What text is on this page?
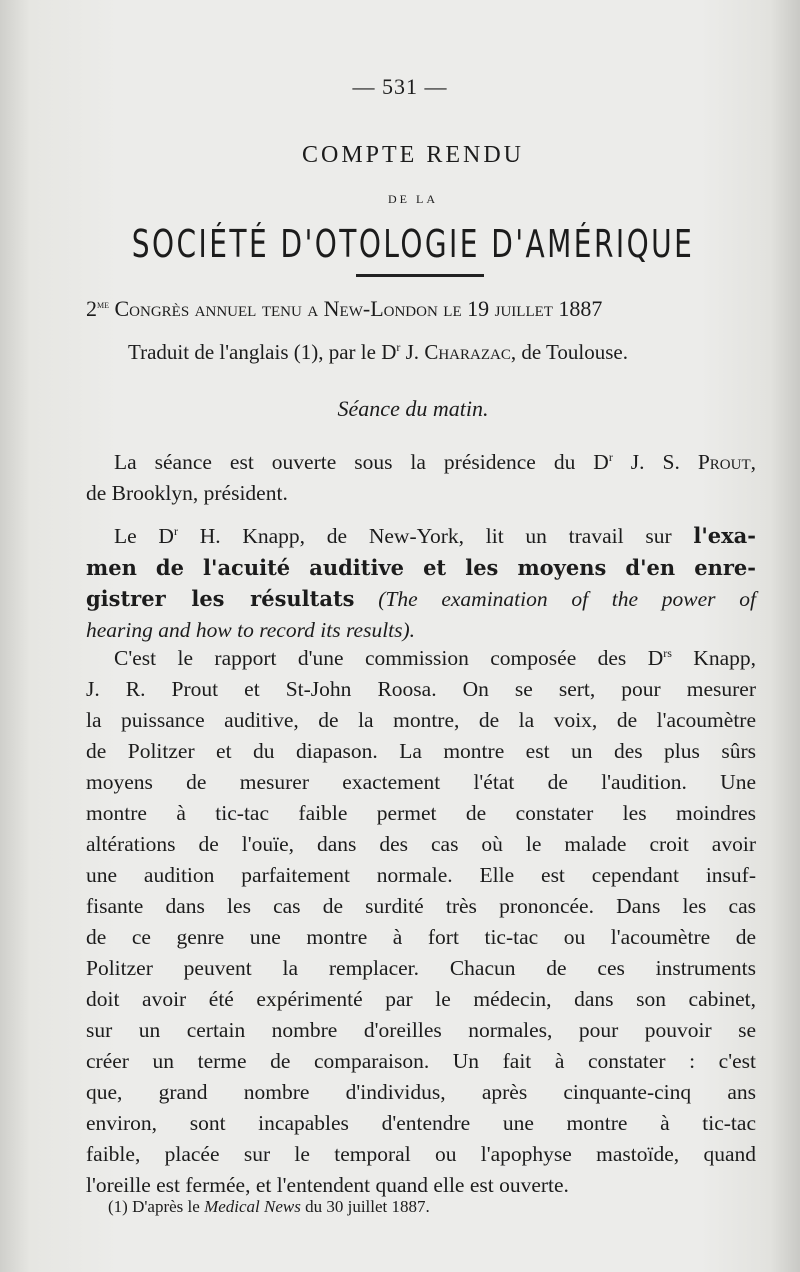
— 531 —
COMPTE RENDU
DE LA
SOCIÉTÉ D'OTOLOGIE D'AMÉRIQUE
$2^{me}$ Congrès annuel tenu a New-London le 19 juillet 1887
Traduit de l'anglais (1), par le $D^r$ J. Charazac, de Toulouse.
Séance du matin.
La séance est ouverte sous la présidence du $D^r$ J. S. Prout,
de Brooklyn, président.
Le $D^r$ H. Knapp, de New-York, lit un travail sur l'exa-
men de l'acuité auditive et les moyens d'en enre-
gistrer les résultats (The examination of the power of
hearing and how to record its results).
C'est le rapport d'une commission composée des $D^{rs}$ Knapp,
J. R. Prout et St-John Roosa. On se sert, pour mesurer
la puissance auditive, de la montre, de la voix, de l'acoumètre
de Politzer et du diapason. La montre est un des plus sûrs
moyens de mesurer exactement l'état de l'audition. Une
montre à tic-tac faible permet de constater les moindres
altérations de l'ouïe, dans des cas où le malade croit avoir
une audition parfaitement normale. Elle est cependant insuf-
fisante dans les cas de surdité très prononcée. Dans les cas
de ce genre une montre à fort tic-tac ou l'acoumètre de
Politzer peuvent la remplacer. Chacun de ces instruments
doit avoir été expérimenté par le médecin, dans son cabinet,
sur un certain nombre d'oreilles normales, pour pouvoir se
créer un terme de comparaison. Un fait à constater : c'est
que, grand nombre d'individus, après cinquante-cinq ans
environ, sont incapables d'entendre une montre à tic-tac
faible, placée sur le temporal ou l'apophyse mastoïde, quand
l'oreille est fermée, et l'entendent quand elle est ouverte.
(1) D'après le Medical News du 30 juillet 1887.
